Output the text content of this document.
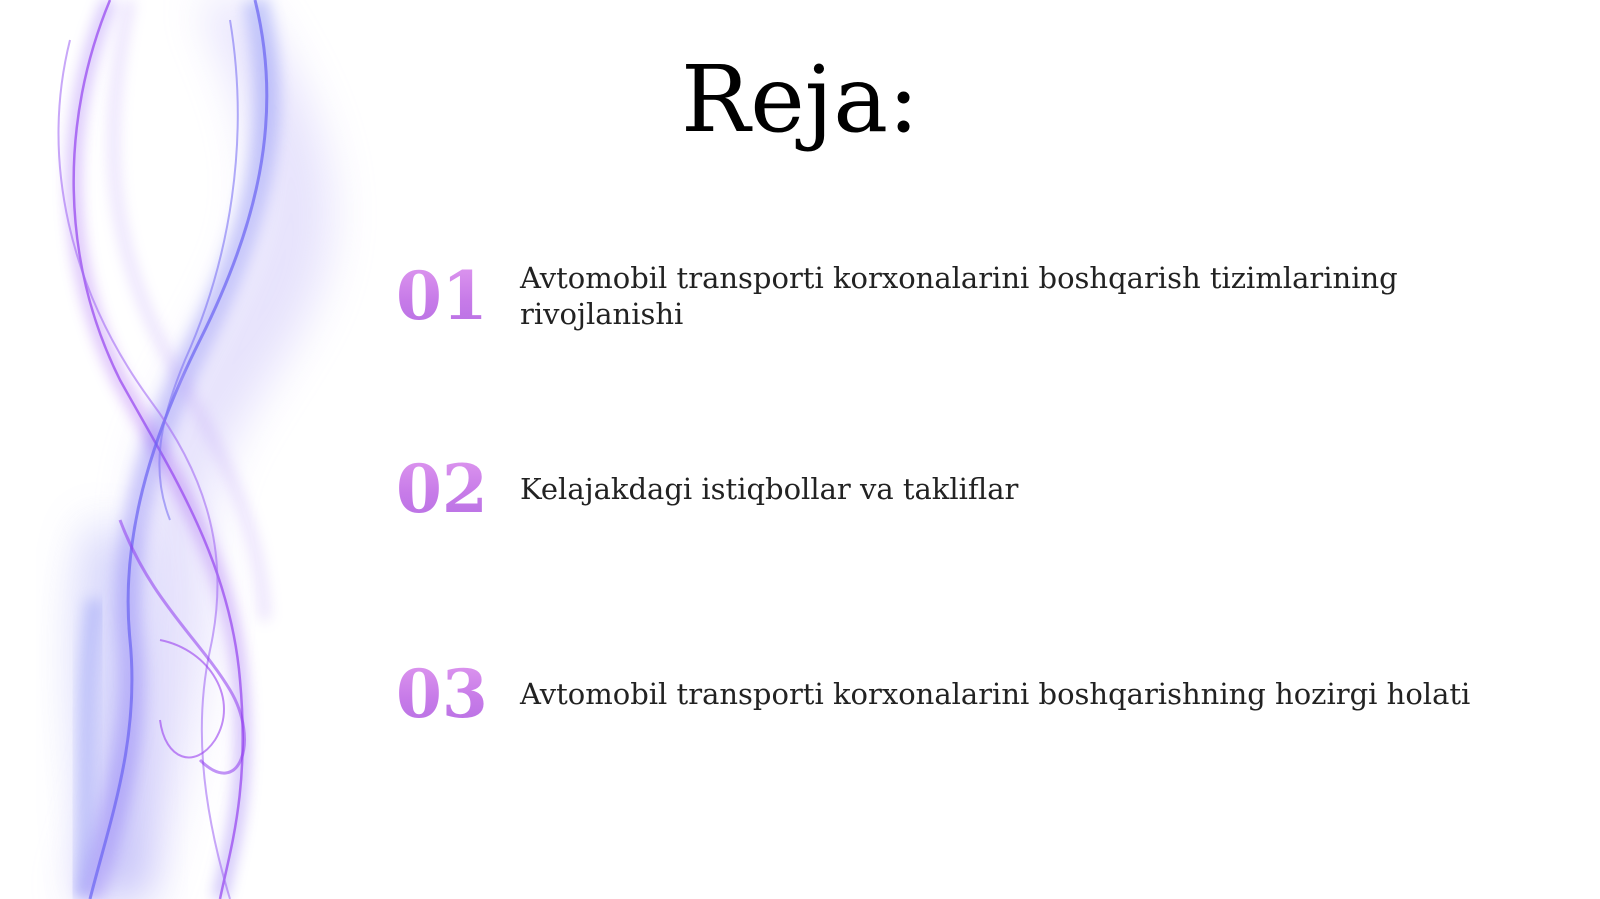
Reja:
01	Avtomobil transporti korxonalarini boshqarish tizimlarining rivojlanishi
02	Kelajakdagi istiqbollar va takliflar
03	Avtomobil transporti korxonalarini boshqarishning hozirgi holati
